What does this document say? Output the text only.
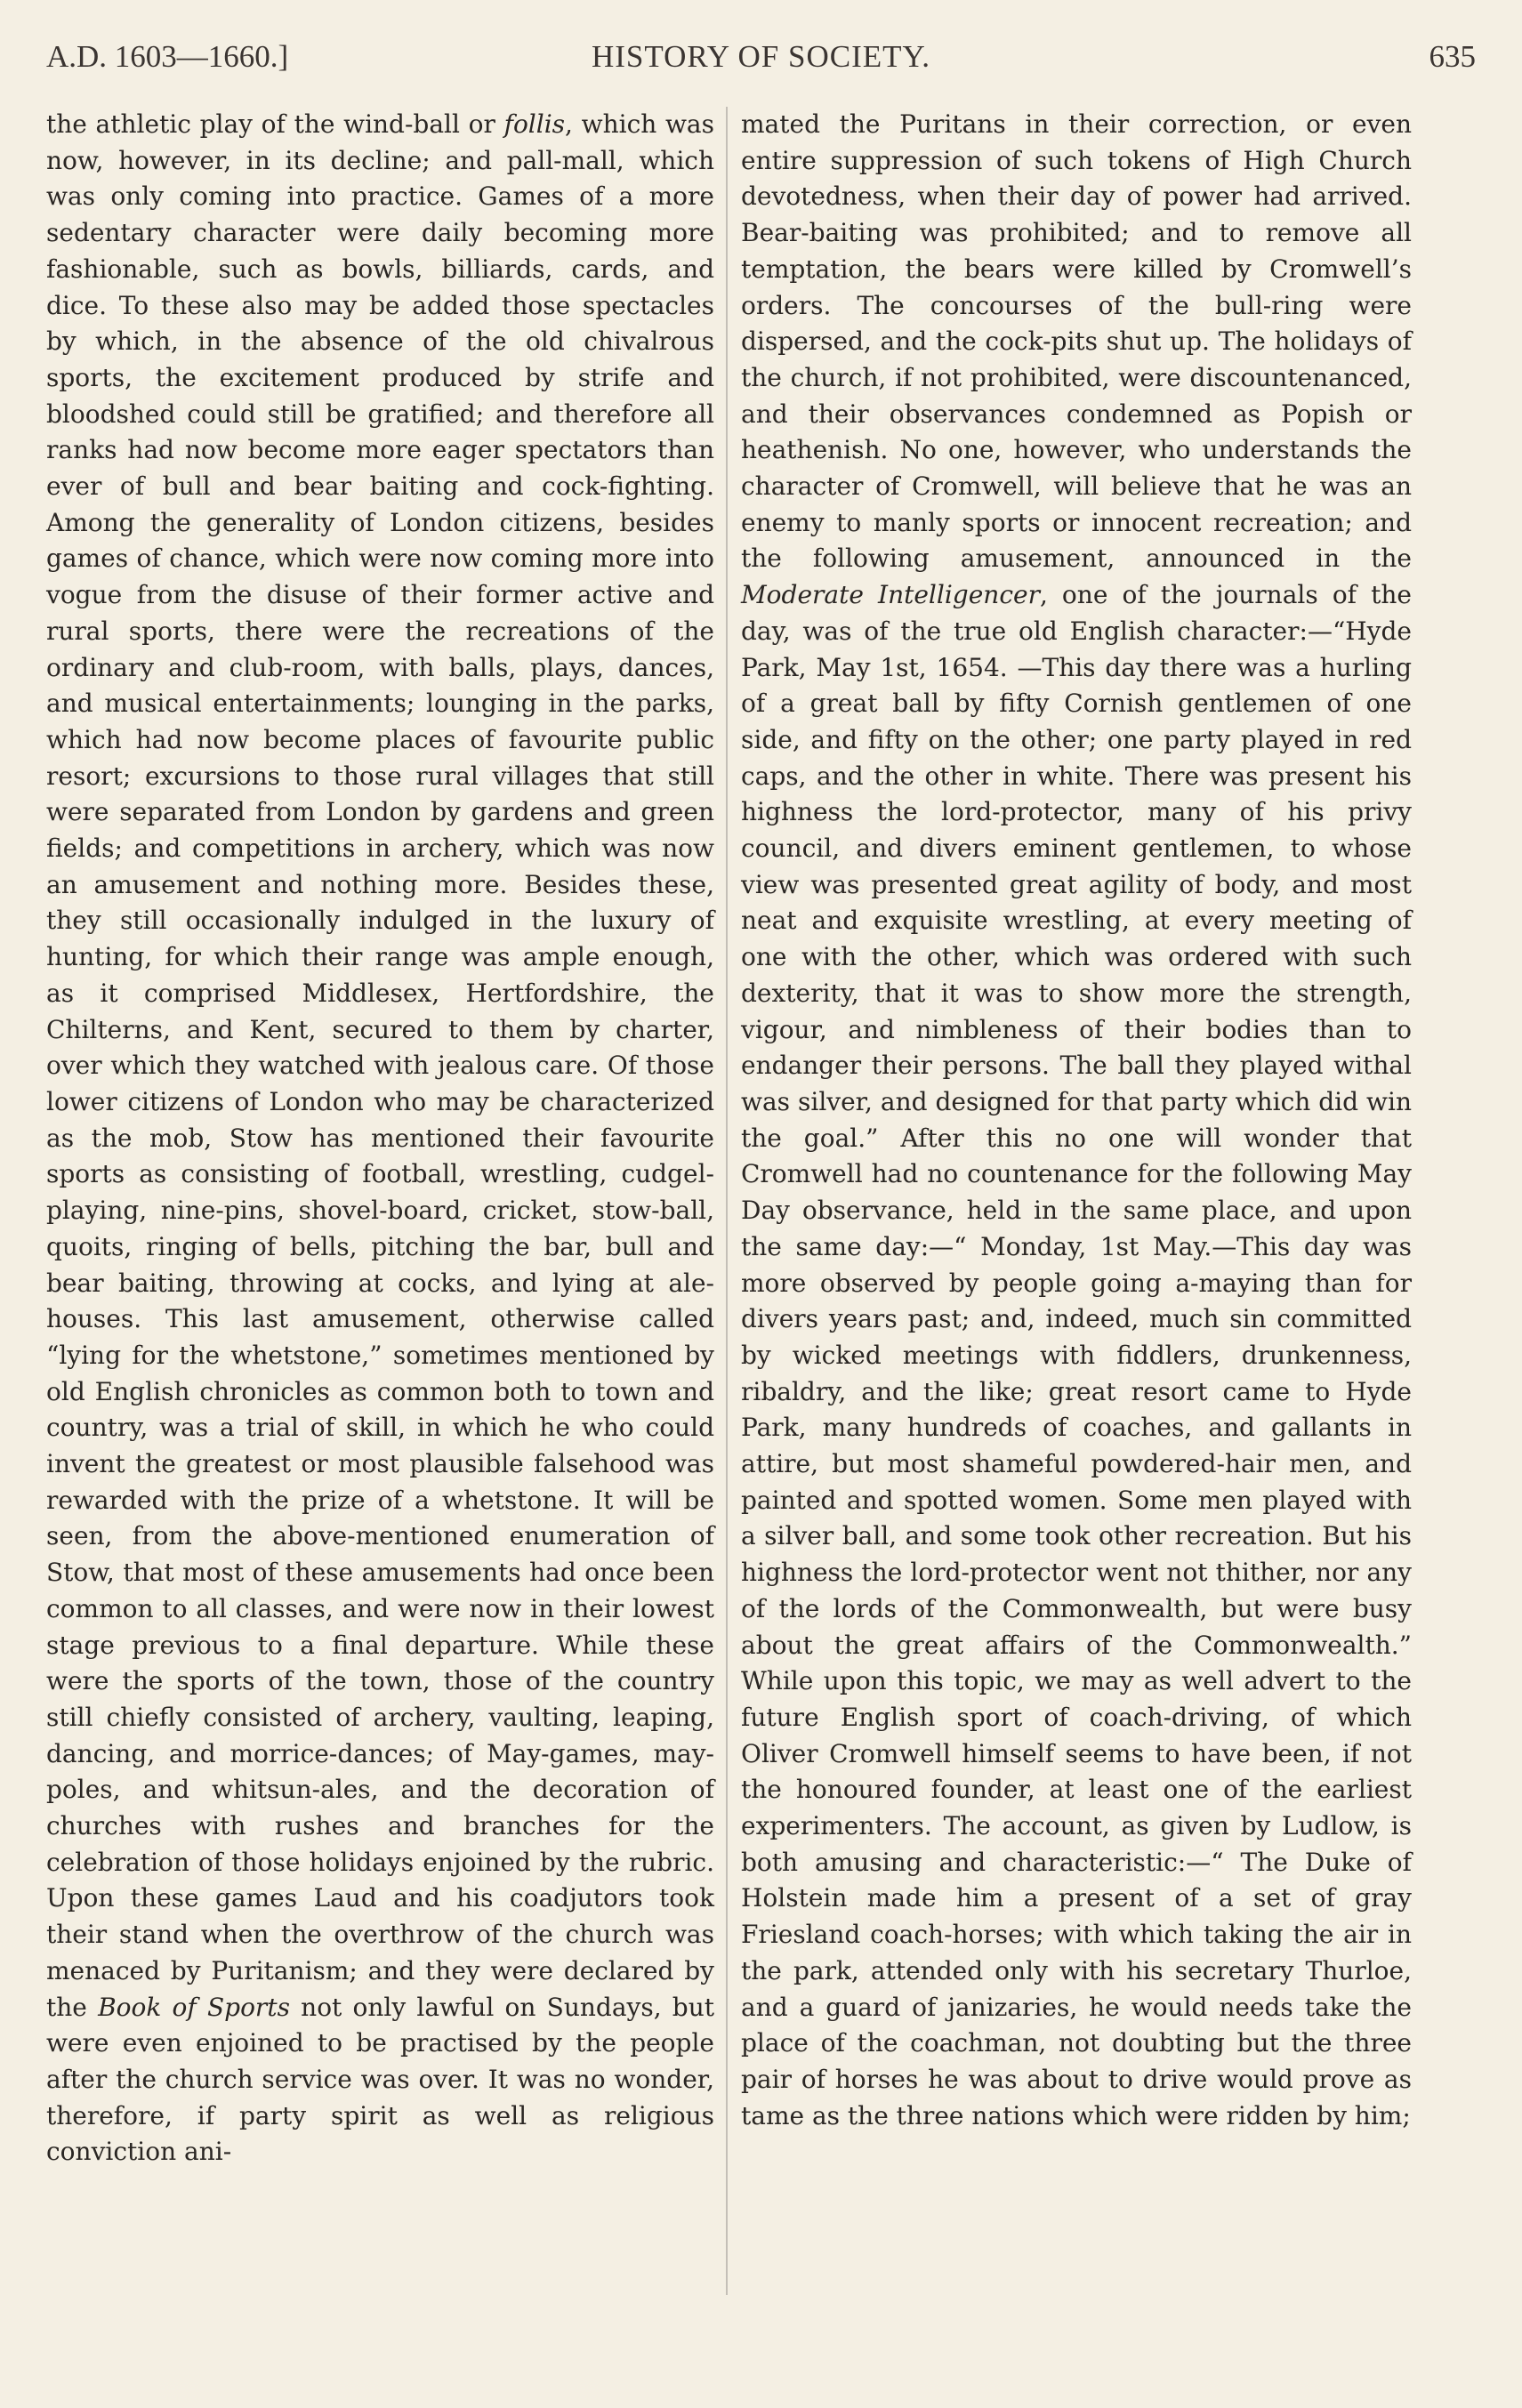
A.D. 1603—1660.]	HISTORY OF SOCIETY.	635

the athletic play of the wind-ball or follis, which was now, however, in its decline; and pall-mall, which was only coming into practice. Games of a more sedentary character were daily becoming more fashionable, such as bowls, billiards, cards, and dice. To these also may be added those spectacles by which, in the absence of the old chivalrous sports, the excitement produced by strife and bloodshed could still be gratified; and therefore all ranks had now become more eager spectators than ever of bull and bear baiting and cock-fighting. Among the generality of London citizens, besides games of chance, which were now coming more into vogue from the disuse of their former active and rural sports, there were the recreations of the ordinary and club-room, with balls, plays, dances, and musical entertainments; lounging in the parks, which had now become places of favourite public resort; excursions to those rural villages that still were separated from London by gardens and green fields; and competitions in archery, which was now an amusement and nothing more. Besides these, they still occasionally indulged in the luxury of hunting, for which their range was ample enough, as it comprised Middlesex, Hertfordshire, the Chilterns, and Kent, secured to them by charter, over which they watched with jealous care. Of those lower citizens of London who may be characterized as the mob, Stow has mentioned their favourite sports as consisting of football, wrestling, cudgel-playing, nine-pins, shovel-board, cricket, stow-ball, quoits, ringing of bells, pitching the bar, bull and bear baiting, throwing at cocks, and lying at ale-houses. This last amusement, otherwise called “lying for the whetstone,” sometimes mentioned by old English chronicles as common both to town and country, was a trial of skill, in which he who could invent the greatest or most plausible falsehood was rewarded with the prize of a whetstone. It will be seen, from the above-mentioned enumeration of Stow, that most of these amusements had once been common to all classes, and were now in their lowest stage previous to a final departure. While these were the sports of the town, those of the country still chiefly consisted of archery, vaulting, leaping, dancing, and morrice-dances; of May-games, may-poles, and whitsun-ales, and the decoration of churches with rushes and branches for the celebration of those holidays enjoined by the rubric. Upon these games Laud and his coadjutors took their stand when the overthrow of the church was menaced by Puritanism; and they were declared by the Book of Sports not only lawful on Sundays, but were even enjoined to be practised by the people after the church service was over. It was no wonder, therefore, if party spirit as well as religious conviction ani-

mated the Puritans in their correction, or even entire suppression of such tokens of High Church devotedness, when their day of power had arrived. Bear-baiting was prohibited; and to remove all temptation, the bears were killed by Cromwell’s orders. The concourses of the bull-ring were dispersed, and the cock-pits shut up. The holidays of the church, if not prohibited, were discountenanced, and their observances condemned as Popish or heathenish. No one, however, who understands the character of Cromwell, will believe that he was an enemy to manly sports or innocent recreation; and the following amusement, announced in the Moderate Intelligencer, one of the journals of the day, was of the true old English character:—“Hyde Park, May 1st, 1654. —This day there was a hurling of a great ball by fifty Cornish gentlemen of one side, and fifty on the other; one party played in red caps, and the other in white. There was present his highness the lord-protector, many of his privy council, and divers eminent gentlemen, to whose view was presented great agility of body, and most neat and exquisite wrestling, at every meeting of one with the other, which was ordered with such dexterity, that it was to show more the strength, vigour, and nimbleness of their bodies than to endanger their persons. The ball they played withal was silver, and designed for that party which did win the goal.” After this no one will wonder that Cromwell had no countenance for the following May Day observance, held in the same place, and upon the same day:—“ Monday, 1st May.—This day was more observed by people going a-maying than for divers years past; and, indeed, much sin committed by wicked meetings with fiddlers, drunkenness, ribaldry, and the like; great resort came to Hyde Park, many hundreds of coaches, and gallants in attire, but most shameful powdered-hair men, and painted and spotted women. Some men played with a silver ball, and some took other recreation. But his highness the lord-protector went not thither, nor any of the lords of the Commonwealth, but were busy about the great affairs of the Commonwealth.” While upon this topic, we may as well advert to the future English sport of coach-driving, of which Oliver Cromwell himself seems to have been, if not the honoured founder, at least one of the earliest experimenters. The account, as given by Ludlow, is both amusing and characteristic:—“ The Duke of Holstein made him a present of a set of gray Friesland coach-horses; with which taking the air in the park, attended only with his secretary Thurloe, and a guard of janizaries, he would needs take the place of the coachman, not doubting but the three pair of horses he was about to drive would prove as tame as the three nations which were ridden by him;
